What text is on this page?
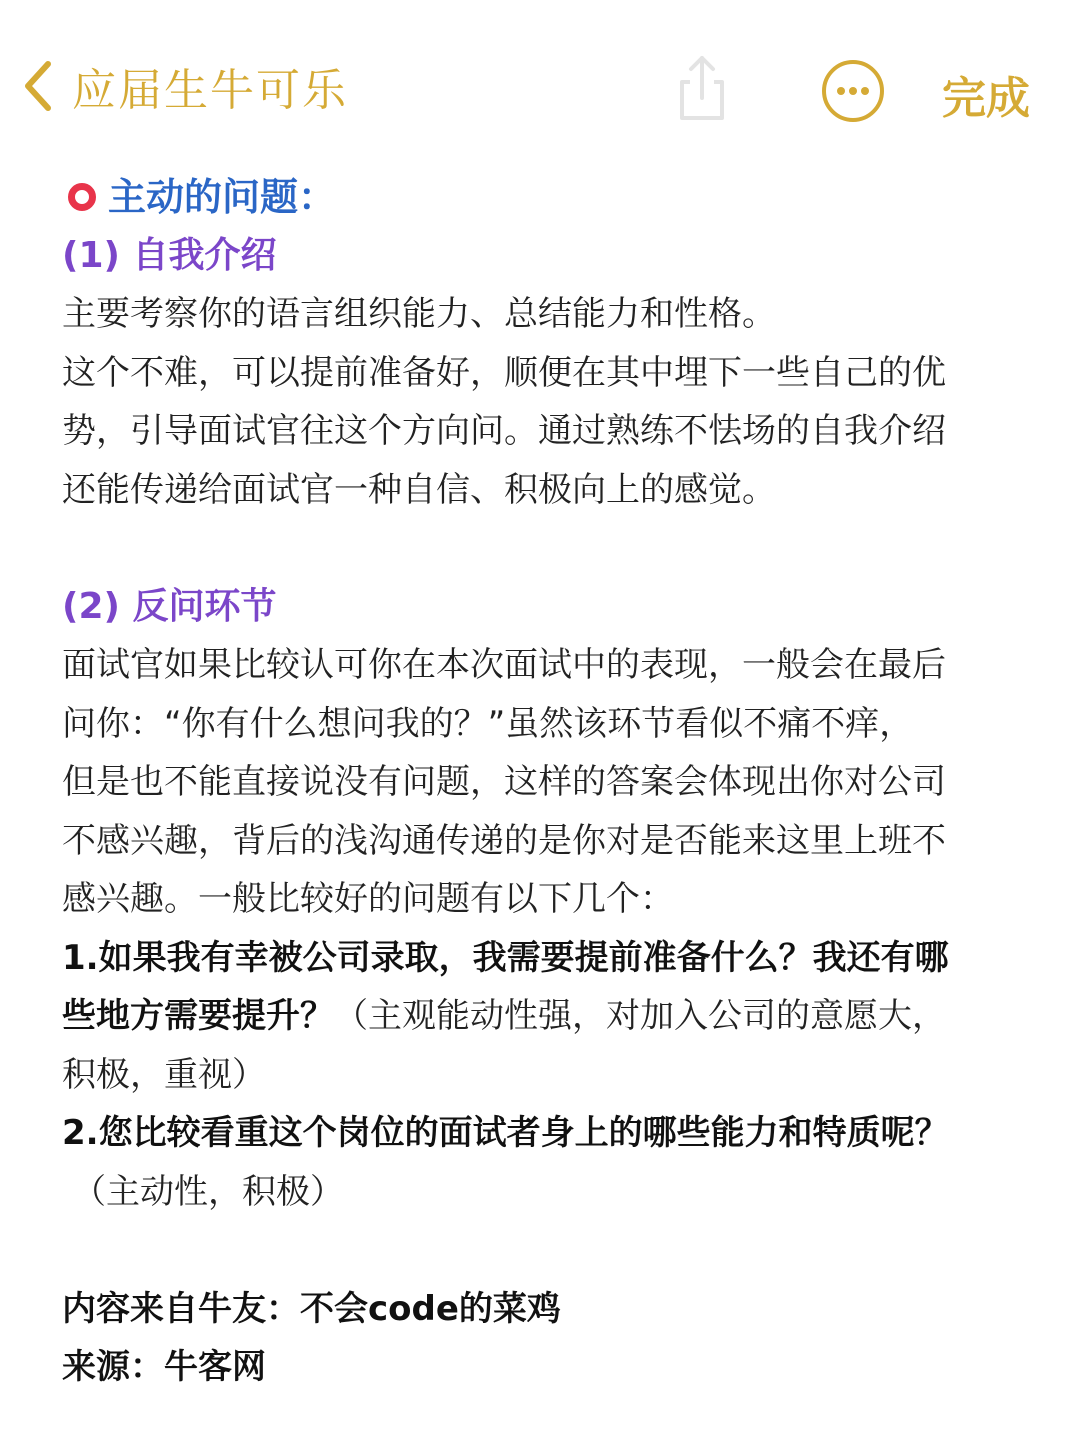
应届生牛可乐	完成
主动的问题：
(1) 自我介绍
主要考察你的语言组织能力、总结能力和性格。
这个不难，可以提前准备好，顺便在其中埋下一些自己的优
势，引导面试官往这个方向问。通过熟练不怯场的自我介绍
还能传递给面试官一种自信、积极向上的感觉。
(2) 反问环节
面试官如果比较认可你在本次面试中的表现，一般会在最后
问你：“你有什么想问我的？”虽然该环节看似不痛不痒，
但是也不能直接说没有问题，这样的答案会体现出你对公司
不感兴趣，背后的浅沟通传递的是你对是否能来这里上班不
感兴趣。一般比较好的问题有以下几个：
1.如果我有幸被公司录取，我需要提前准备什么？我还有哪
些地方需要提升？（主观能动性强，对加入公司的意愿大，
积极，重视）
2.您比较看重这个岗位的面试者身上的哪些能力和特质呢？
（主动性，积极）
内容来自牛友：不会code的菜鸡
来源：牛客网
